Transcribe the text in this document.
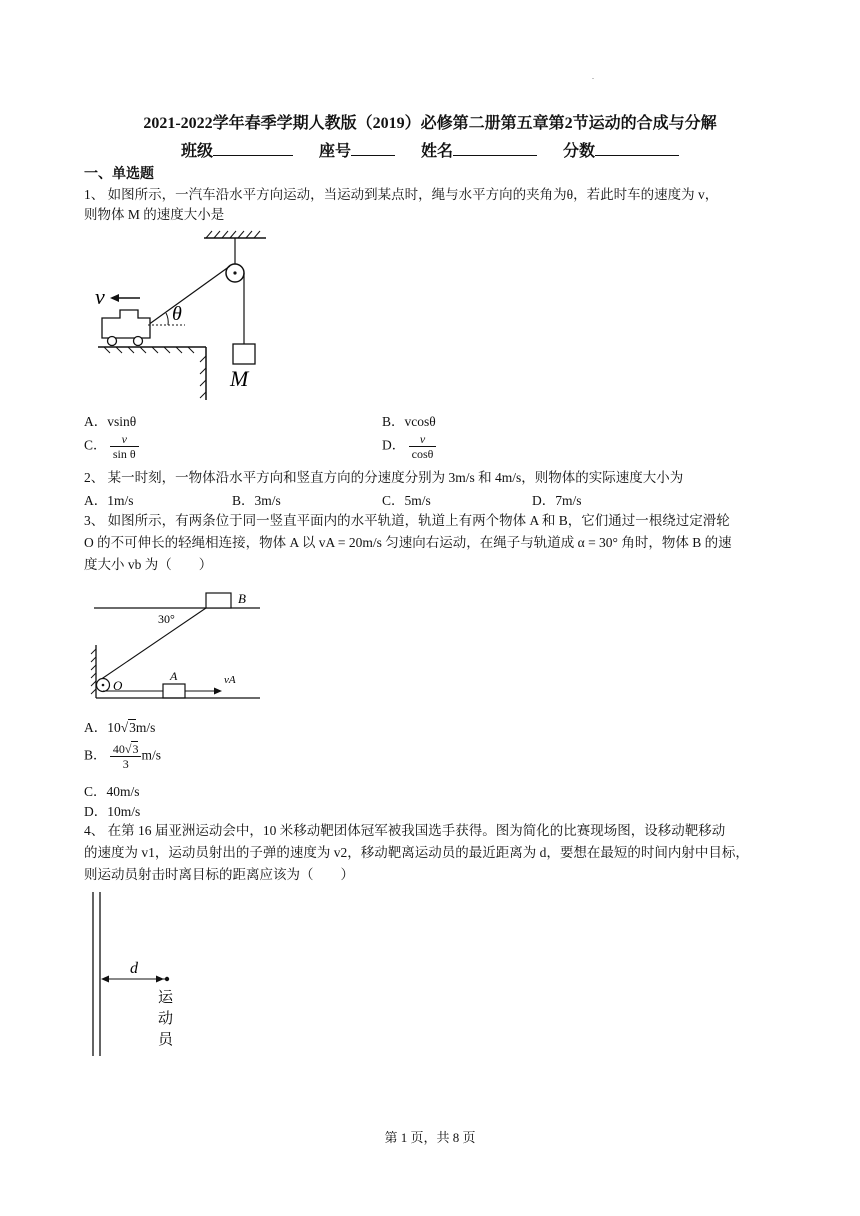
.
2021-2022学年春季学期人教版（2019）必修第二册第五章第2节运动的合成与分解
班级	座号	姓名	分数
一、单选题
1、 如图所示，一汽车沿水平方向运动，当运动到某点时，绳与水平方向的夹角为θ，若此时车的速度为 v，
则物体 M 的速度大小是
M
v
θ
A．vsinθ	B．vcosθ
C． $\frac{v}{\text{sin θ}}$	D． $\frac{v}{\cos\theta}$
2、 某一时刻，一物体沿水平方向和竖直方向的分速度分别为 3m/s 和 4m/s，则物体的实际速度大小为
A．1m/s	B．3m/s	C．5m/s	D．7m/s
3、 如图所示，有两条位于同一竖直平面内的水平轨道，轨道上有两个物体 A 和 B，它们通过一根绕过定滑轮
O 的不可伸长的轻绳相连接，物体 A 以 vA = 20m/s 匀速向右运动，在绳子与轨道成 α = 30° 角时，物体 B 的速
度大小 vb 为（　　）
B
30°
O
A	vA
A．10√3m/s
B． $\frac{40√3}{3} m/s$
C．40m/s
D．10m/s
4、 在第 16 届亚洲运动会中，10 米移动靶团体冠军被我国选手获得。图为简化的比赛现场图，设移动靶移动
的速度为 v1，运动员射出的子弹的速度为 v2，移动靶离运动员的最近距离为 d，要想在最短的时间内射中目标，
则运动员射击时离目标的距离应该为（　　）
d
运
动
员
第 1 页，共 8 页
